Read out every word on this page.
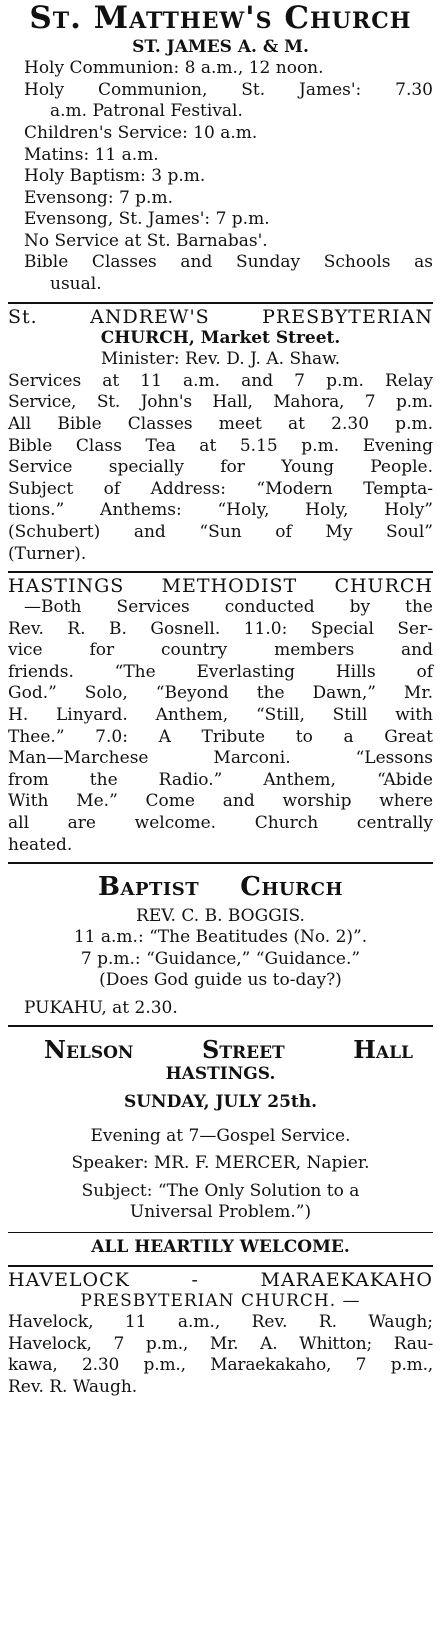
St. Matthew's Church
ST. JAMES A. & M.
Holy Communion: 8 a.m., 12 noon.
Holy Communion, St. James': 7.30
a.m. Patronal Festival.
Children's Service: 10 a.m.
Matins: 11 a.m.
Holy Baptism: 3 p.m.
Evensong: 7 p.m.
Evensong, St. James': 7 p.m.
No Service at St. Barnabas'.
Bible Classes and Sunday Schools as
usual.
St. ANDREW'S PRESBYTERIAN
CHURCH, Market Street.
Minister: Rev. D. J. A. Shaw.
Services at 11 a.m. and 7 p.m. Relay
Service, St. John's Hall, Mahora, 7 p.m.
All Bible Classes meet at 2.30 p.m.
Bible Class Tea at 5.15 p.m. Evening
Service specially for Young People.
Subject of Address: “Modern Tempta-
tions.” Anthems: “Holy, Holy, Holy”
(Schubert) and “Sun of My Soul”
(Turner).
HASTINGS METHODIST CHURCH
—Both Services conducted by the
Rev. R. B. Gosnell. 11.0: Special Ser-
vice for country members and
friends. “The Everlasting Hills of
God.” Solo, “Beyond the Dawn,” Mr.
H. Linyard. Anthem, “Still, Still with
Thee.” 7.0: A Tribute to a Great
Man—Marchese Marconi. “Lessons
from the Radio.” Anthem, “Abide
With Me.” Come and worship where
all are welcome. Church centrally
heated.
Baptist Church
REV. C. B. BOGGIS.
11 a.m.: “The Beatitudes (No. 2)”.
7 p.m.: “Guidance,” “Guidance.”
(Does God guide us to-day?)
PUKAHU, at 2.30.
Nelson	Street	Hall
HASTINGS.
SUNDAY, JULY 25th.
Evening at 7—Gospel Service.
Speaker: MR. F. MERCER, Napier.
Subject: “The Only Solution to a
Universal Problem.”)
ALL HEARTILY WELCOME.
HAVELOCK - MARAEKAKAHO
PRESBYTERIAN CHURCH. —
Havelock, 11 a.m., Rev. R. Waugh;
Havelock, 7 p.m., Mr. A. Whitton; Rau-
kawa, 2.30 p.m., Maraekakaho, 7 p.m.,
Rev. R. Waugh.
